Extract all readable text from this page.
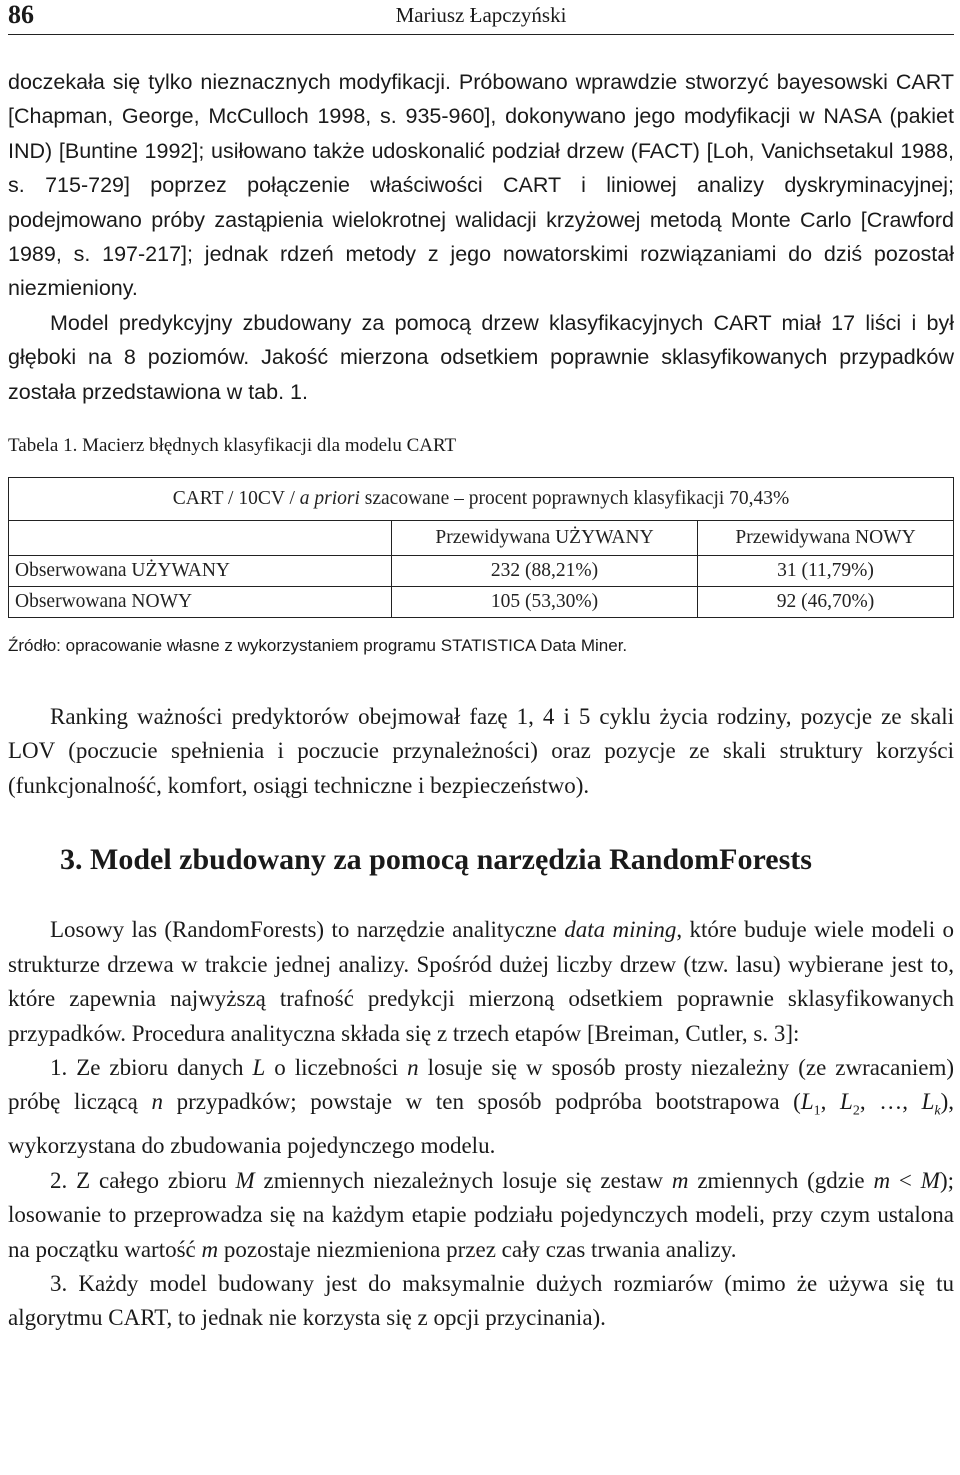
86	Mariusz Łapczyński

doczekała się tylko nieznacznych modyfikacji. Próbowano wprawdzie stworzyć bayesowski CART [Chapman, George, McCulloch 1998, s. 935-960], dokonywano jego modyfikacji w NASA (pakiet IND) [Buntine 1992]; usiłowano także udoskonalić podział drzew (FACT) [Loh, Vanichsetakul 1988, s. 715-729] poprzez połączenie właściwości CART i liniowej analizy dyskryminacyjnej; podejmowano próby zastąpienia wielokrotnej walidacji krzyżowej metodą Monte Carlo [Crawford 1989, s. 197-217]; jednak rdzeń metody z jego nowatorskimi rozwiązaniami do dziś pozostał niezmieniony.

Model predykcyjny zbudowany za pomocą drzew klasyfikacyjnych CART miał 17 liści i był głęboki na 8 poziomów. Jakość mierzona odsetkiem poprawnie sklasyfikowanych przypadków została przedstawiona w tab. 1.

Tabela 1. Macierz błędnych klasyfikacji dla modelu CART
CART / 10CV / a priori szacowane – procent poprawnych klasyfikacji 70,43%		
	Przewidywana UŻYWANY	Przewidywana NOWY
Obserwowana UŻYWANY	232 (88,21%)	31 (11,79%)
Obserwowana NOWY	105 (53,30%)	92 (46,70%)
Źródło: opracowanie własne z wykorzystaniem programu STATISTICA Data Miner.

Ranking ważności predyktorów obejmował fazę 1, 4 i 5 cyklu życia rodziny, pozycje ze skali LOV (poczucie spełnienia i poczucie przynależności) oraz pozycje ze skali struktury korzyści (funkcjonalność, komfort, osiągi techniczne i bezpieczeństwo).

3. Model zbudowany za pomocą narzędzia RandomForests

Losowy las (RandomForests) to narzędzie analityczne data mining, które buduje wiele modeli o strukturze drzewa w trakcie jednej analizy. Spośród dużej liczby drzew (tzw. lasu) wybierane jest to, które zapewnia najwyższą trafność predykcji mierzoną odsetkiem poprawnie sklasyfikowanych przypadków. Procedura analityczna składa się z trzech etapów [Breiman, Cutler, s. 3]:

1. Ze zbioru danych L o liczebności n losuje się w sposób prosty niezależny (ze zwracaniem) próbę liczącą n przypadków; powstaje w ten sposób podpróba bootstrapowa ($L_1$, $L_2$, …, $L_k$), wykorzystana do zbudowania pojedynczego modelu.

2. Z całego zbioru M zmiennych niezależnych losuje się zestaw m zmiennych (gdzie m < M); losowanie to przeprowadza się na każdym etapie podziału pojedynczych modeli, przy czym ustalona na początku wartość m pozostaje niezmieniona przez cały czas trwania analizy.

3. Każdy model budowany jest do maksymalnie dużych rozmiarów (mimo że używa się tu algorytmu CART, to jednak nie korzysta się z opcji przycinania).
